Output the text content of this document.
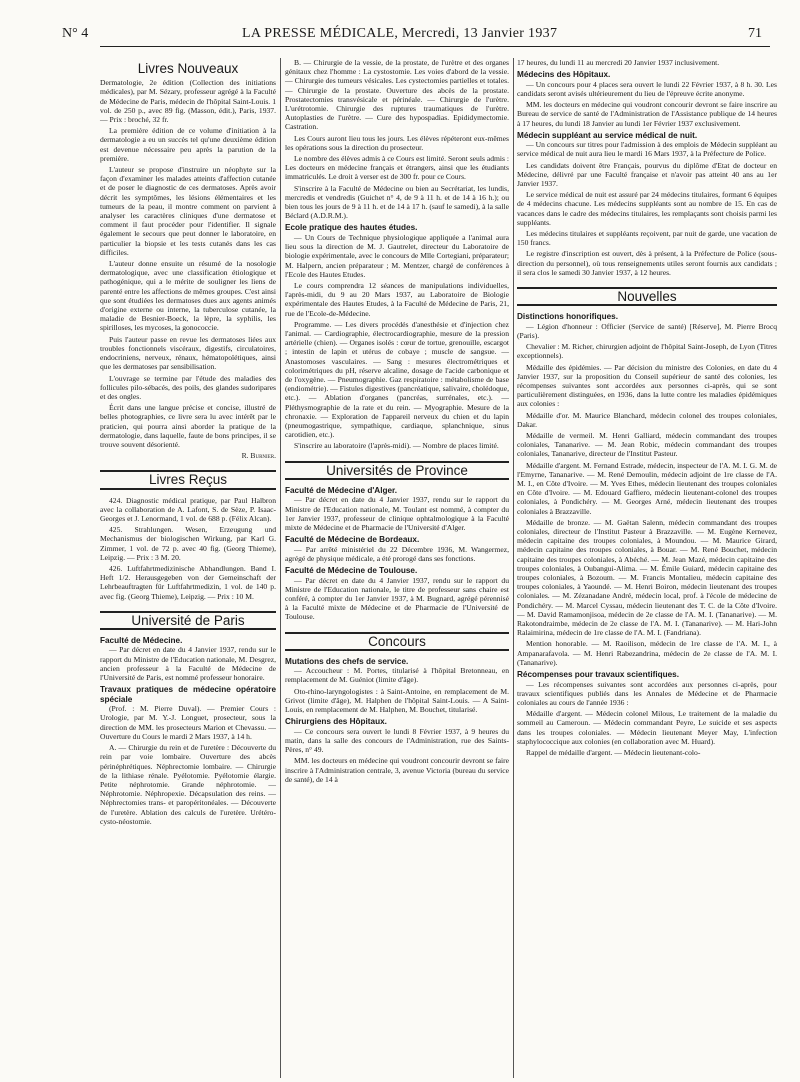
N° 4	LA PRESSE MÉDICALE, Mercredi, 13 Janvier 1937	71
Livres Nouveaux

Dermatologie, 2e édition (Collection des initiations médicales), par M. Sézary, professeur agrégé à la Faculté de Médecine de Paris, médecin de l'hôpital Saint-Louis. 1 vol. de 250 p., avec 89 fig. (Masson, édit.), Paris, 1937. — Prix : broché, 32 fr.

La première édition de ce volume d'initiation à la dermatologie a eu un succès tel qu'une deuxième édition est devenue nécessaire peu après la parution de la première.

L'auteur se propose d'instruire un néophyte sur la façon d'examiner les malades atteints d'affection cutanée et de poser le diagnostic de ces dermatoses. Après avoir décrit les symptômes, les lésions élémentaires et les tumeurs de la peau, il montre comment on parvient à analyser les caractères cliniques d'une dermatose et comment il faut procéder pour l'identifier. Il signale également le secours que peut donner le laboratoire, en particulier la biopsie et les tests cutanés dans les cas difficiles.

L'auteur donne ensuite un résumé de la nosologie dermatologique, avec une classification étiologique et pathogénique, qui a le mérite de souligner les liens de parenté entre les affections de mêmes groupes. C'est ainsi que sont étudiées les dermatoses dues aux agents animés d'origine externe ou interne, la tuberculose cutanée, la maladie de Besnier-Boeck, la lèpre, la syphilis, les spirilloses, les mycoses, la gonococcie.

Puis l'auteur passe en revue les dermatoses liées aux troubles fonctionnels viscéraux, digestifs, circulatoires, endocriniens, nerveux, rénaux, hématopoïétiques, ainsi que les dermatoses par sensibilisation.

L'ouvrage se termine par l'étude des maladies des follicules pilo-sébacés, des poils, des glandes sudoripares et des ongles.

Écrit dans une langue précise et concise, illustré de belles photographies, ce livre sera lu avec intérêt par le praticien, qui pourra ainsi aborder la pratique de la dermatologie, dans laquelle, faute de bons principes, il se trouve souvent désorienté.

R. Burnier.
Livres Reçus

424. Diagnostic médical pratique, par Paul Halbron avec la collaboration de A. Lafont, S. de Sèze, P. Isaac-Georges et J. Lenormand, 1 vol. de 688 p. (Félix Alcan).

425. Strahlungen. Wesen, Erzeugung und Mechanismus der biologischen Wirkung, par Karl G. Zimmer, 1 vol. de 72 p. avec 40 fig. (Georg Thieme), Leipzig. — Prix : 3 M. 20.

426. Luftfahrtmedizinische Abhandlungen. Band I. Heft 1/2. Herausgegeben von der Gemeinschaft der Lehrbeauftragten für Luftfahrtmedizin, 1 vol. de 140 p. avec fig. (Georg Thieme), Leipzig. — Prix : 10 M.

Université de Paris
Faculté de Médecine.

— Par décret en date du 4 Janvier 1937, rendu sur le rapport du Ministre de l'Education nationale, M. Desgrez, ancien professeur à la Faculté de Médecine de l'Université de Paris, est nommé professeur honoraire.

Travaux pratiques de médecine opératoire spéciale

(Prof. : M. Pierre Duval). — Premier Cours : Urologie, par M. Y.-J. Longuet, prosecteur, sous la direction de MM. les prosecteurs Marion et Chevassu. — Ouverture du Cours le mardi 2 Mars 1937, à 14 h.

A. — Chirurgie du rein et de l'uretère : Découverte du rein par voie lombaire. Ouverture des abcès périnéphrétiques. Néphrectomie lombaire. — Chirurgie de la lithiase rénale. Pyélotomie. Pyélotomie élargie. Petite néphrotomie. Grande néphrotomie. — Néphrotomie. Néphropexie. Décapsulation des reins. — Néphrectomies trans- et paropéritonéales. — Découverte de l'uretère. Ablation des calculs de l'uretère. Urétéro-cysto-néostomie.

B. — Chirurgie de la vessie, de la prostate, de l'urètre et des organes génitaux chez l'homme : La cystostomie. Les voies d'abord de la vessie. — Chirurgie des tumeurs vésicales. Les cystectomies partielles et totales. — Chirurgie de la prostate. Ouverture des abcès de la prostate. Prostatectomies transvésicale et périnéale. — Chirurgie de l'urètre. L'urétrotomie. Chirurgie des ruptures traumatiques de l'urètre. Autoplasties de l'urètre. — Cure des hypospadias. Epididymectomie. Castration.

Les Cours auront lieu tous les jours. Les élèves répéteront eux-mêmes les opérations sous la direction du prosecteur.

Le nombre des élèves admis à ce Cours est limité. Seront seuls admis : Les docteurs en médecine français et étrangers, ainsi que les étudiants immatriculés. Le droit à verser est de 300 fr. pour ce Cours.

S'inscrire à la Faculté de Médecine ou bien au Secrétariat, les lundis, mercredis et vendredis (Guichet n° 4, de 9 à 11 h. et de 14 à 16 h.); ou bien tous les jours de 9 à 11 h. et de 14 à 17 h. (sauf le samedi), à la salle Béclard (A.D.R.M.).

Ecole pratique des hautes études.

— Un Cours de Technique physiologique appliquée a l'animal aura lieu sous la direction de M. J. Gautrelet, directeur du Laboratoire de biologie expérimentale, avec le concours de Mlle Cortegiani, préparateur; M. Halpern, ancien préparateur ; M. Mentzer, chargé de conférences à l'Ecole des Hautes Etudes.

Le cours comprendra 12 séances de manipulations individuelles, l'après-midi, du 9 au 20 Mars 1937, au Laboratoire de Biologie expérimentale des Hautes Etudes, à la Faculté de Médecine de Paris, 21, rue de l'Ecole-de-Médecine.

Programme. — Les divers procédés d'anesthésie et d'injection chez l'animal. — Cardiographie, électrocardiographie, mesure de la pression artérielle (chien). — Organes isolés : cœur de tortue, grenouille, escargot ; intestin de lapin et utérus de cobaye ; muscle de sangsue. — Anastomoses vasculaires. — Sang : mesures électrométriques et colorimétriques du pH, réserve alcaline, dosage de l'acide carbonique et de l'oxygène. — Pneumographie. Gaz respiratoire : métabolisme de base (endiométrie). — Fistules digestives (pancréatique, salivaire, cholédoque, etc.). — Ablation d'organes (pancréas, surrénales, etc.). — Pléthysmographie de la rate et du rein. — Myographie. Mesure de la chronaxie. — Exploration de l'appareil nerveux du chien et du lapin (pneumogastrique, sympathique, cardiaque, splanchnique, sinus carotidien, etc.).

S'inscrire au laboratoire (l'après-midi). — Nombre de places limité.

Universités de Province
Faculté de Médecine d'Alger.

— Par décret en date du 4 Janvier 1937, rendu sur le rapport du Ministre de l'Education nationale, M. Toulant est nommé, à compter du 1er Janvier 1937, professeur de clinique ophtalmologique à la Faculté mixte de Médecine et de Pharmacie de l'Université d'Alger.

Faculté de Médecine de Bordeaux.

— Par arrêté ministériel du 22 Décembre 1936, M. Wangermez, agrégé de physique médicale, a été prorogé dans ses fonctions.

Faculté de Médecine de Toulouse.

— Par décret en date du 4 Janvier 1937, rendu sur le rapport du Ministre de l'Education nationale, le titre de professeur sans chaire est conféré, à compter du 1er Janvier 1937, à M. Bugnard, agrégé pérennisé à la Faculté mixte de Médecine et de Pharmacie de l'Université de Toulouse.

Concours
Mutations des chefs de service.

— Accoucheur : M. Portes, titularisé à l'hôpital Bretonneau, en remplacement de M. Guéniot (limite d'âge).

Oto-rhino-laryngologistes : à Saint-Antoine, en remplacement de M. Grivot (limite d'âge), M. Halphen de l'hôpital Saint-Louis. — A Saint-Louis, en remplacement de M. Halphen, M. Bouchet, titularisé.

Chirurgiens des Hôpitaux.

— Ce concours sera ouvert le lundi 8 Février 1937, à 9 heures du matin, dans la salle des concours de l'Administration, rue des Saints-Pères, n° 49.

MM. les docteurs en médecine qui voudront concourir devront se faire inscrire à l'Administration centrale, 3, avenue Victoria (bureau du service de santé), de 14 à

17 heures, du lundi 11 au mercredi 20 Janvier 1937 inclusivement.

Médecins des Hôpitaux.

— Un concours pour 4 places sera ouvert le lundi 22 Février 1937, à 8 h. 30. Les candidats seront avisés ultérieurement du lieu de l'épreuve écrite anonyme.

MM. les docteurs en médecine qui voudront concourir devront se faire inscrire au Bureau de service de santé de l'Administration de l'Assistance publique de 14 heures à 17 heures, du lundi 18 Janvier au lundi 1er Février 1937 exclusivement.

Médecin suppléant au service médical de nuit.

— Un concours sur titres pour l'admission à des emplois de Médecin suppléant au service médical de nuit aura lieu le mardi 16 Mars 1937, à la Préfecture de Police.

Les candidats doivent être Français, pourvus du diplôme d'Etat de docteur en Médecine, délivré par une Faculté française et n'avoir pas atteint 40 ans au 1er Janvier 1937.

Le service médical de nuit est assuré par 24 médecins titulaires, formant 6 équipes de 4 médecins chacune. Les médecins suppléants sont au nombre de 15. En cas de vacances dans le cadre des médecins titulaires, les remplaçants sont choisis parmi les suppléants.

Les médecins titulaires et suppléants reçoivent, par nuit de garde, une vacation de 150 francs.

Le registre d'inscription est ouvert, dès à présent, à la Préfecture de Police (sous-direction du personnel), où tous renseignements utiles seront fournis aux candidats ; il sera clos le samedi 30 Janvier 1937, à 12 heures.

Nouvelles
Distinctions honorifiques.

— Légion d'honneur : Officier (Service de santé) [Réserve], M. Pierre Brocq (Paris).

Chevalier : M. Richer, chirurgien adjoint de l'hôpital Saint-Joseph, de Lyon (Titres exceptionnels).

Médaille des épidémies. — Par décision du ministre des Colonies, en date du 4 Janvier 1937, sur la proposition du Conseil supérieur de santé des colonies, les récompenses suivantes sont accordées aux personnes ci-après, qui se sont particulièrement distinguées, en 1936, dans la lutte contre les maladies épidémiques aux colonies :

Médaille d'or. M. Maurice Blanchard, médecin colonel des troupes coloniales, Dakar.

Médaille de vermeil. M. Henri Galliard, médecin commandant des troupes coloniales, Tananarive. — M. Jean Robic, médecin commandant des troupes coloniales, Tananarive, directeur de l'Institut Pasteur.

Médaille d'argent. M. Fernand Estrade, médecin, inspecteur de l'A. M. I. G. M. de l'Emyrne, Tananarive. — M. René Demoulin, médecin adjoint de 1re classe de l'A. M. I., en Côte d'Ivoire. — M. Yves Ethes, médecin lieutenant des troupes coloniales en Côte d'Ivoire. — M. Edouard Gaffiero, médecin lieutenant-colonel des troupes coloniales, à Pondichéry. — M. Georges Arné, médecin lieutenant des troupes coloniales à Brazzaville.

Médaille de bronze. — M. Gaëtan Salenn, médecin commandant des troupes coloniales, directeur de l'Institut Pasteur à Brazzaville. — M. Eugène Kernevez, médecin capitaine des troupes coloniales, à Moundou. — M. Maurice Girard, médecin capitaine des troupes coloniales, à Bouar. — M. René Bouchet, médecin capitaine des troupes coloniales, à Abéché. — M. Jean Mazé, médecin capitaine des troupes coloniales, à Oubangui-Alima. — M. Émile Guiard, médecin capitaine des troupes coloniales, à Bozoum. — M. Francis Montalieu, médecin capitaine des troupes coloniales, à Yaoundé. — M. Henri Boiron, médecin lieutenant des troupes coloniales. — M. Zézanadane André, médecin local, prof. à l'école de médecine de Pondichéry. — M. Marcel Cyssau, médecin lieutenant des T. C. de la Côte d'Ivoire. — M. David Ramamonjisoa, médecin de 2e classe de l'A. M. I. (Tananarive). — M. Rakotondraimbe, médecin de 2e classe de l'A. M. I. (Tananarive). — M. Hari-John Ralaimirina, médecin de 1re classe de l'A. M. I. (Fandriana).

Mention honorable. — M. Raoilison, médecin de 1re classe de l'A. M. I., à Ampanarafavola. — M. Henri Rabezandrina, médecin de 2e classe de l'A. M. I. (Tananarive).

Récompenses pour travaux scientifiques.

— Les récompenses suivantes sont accordées aux personnes ci-après, pour travaux scientifiques publiés dans les Annales de Médecine et de Pharmacie coloniales au cours de l'année 1936 :

Médaille d'argent. — Médecin colonel Milous, Le traitement de la maladie du sommeil au Cameroun. — Médecin commandant Peyre, Le suicide et ses aspects dans les troupes coloniales. — Médecin lieutenant Meyer May, L'infection staphylococcique aux colonies (en collaboration avec M. Huard).

Rappel de médaille d'argent. — Médecin lieutenant-colo-
